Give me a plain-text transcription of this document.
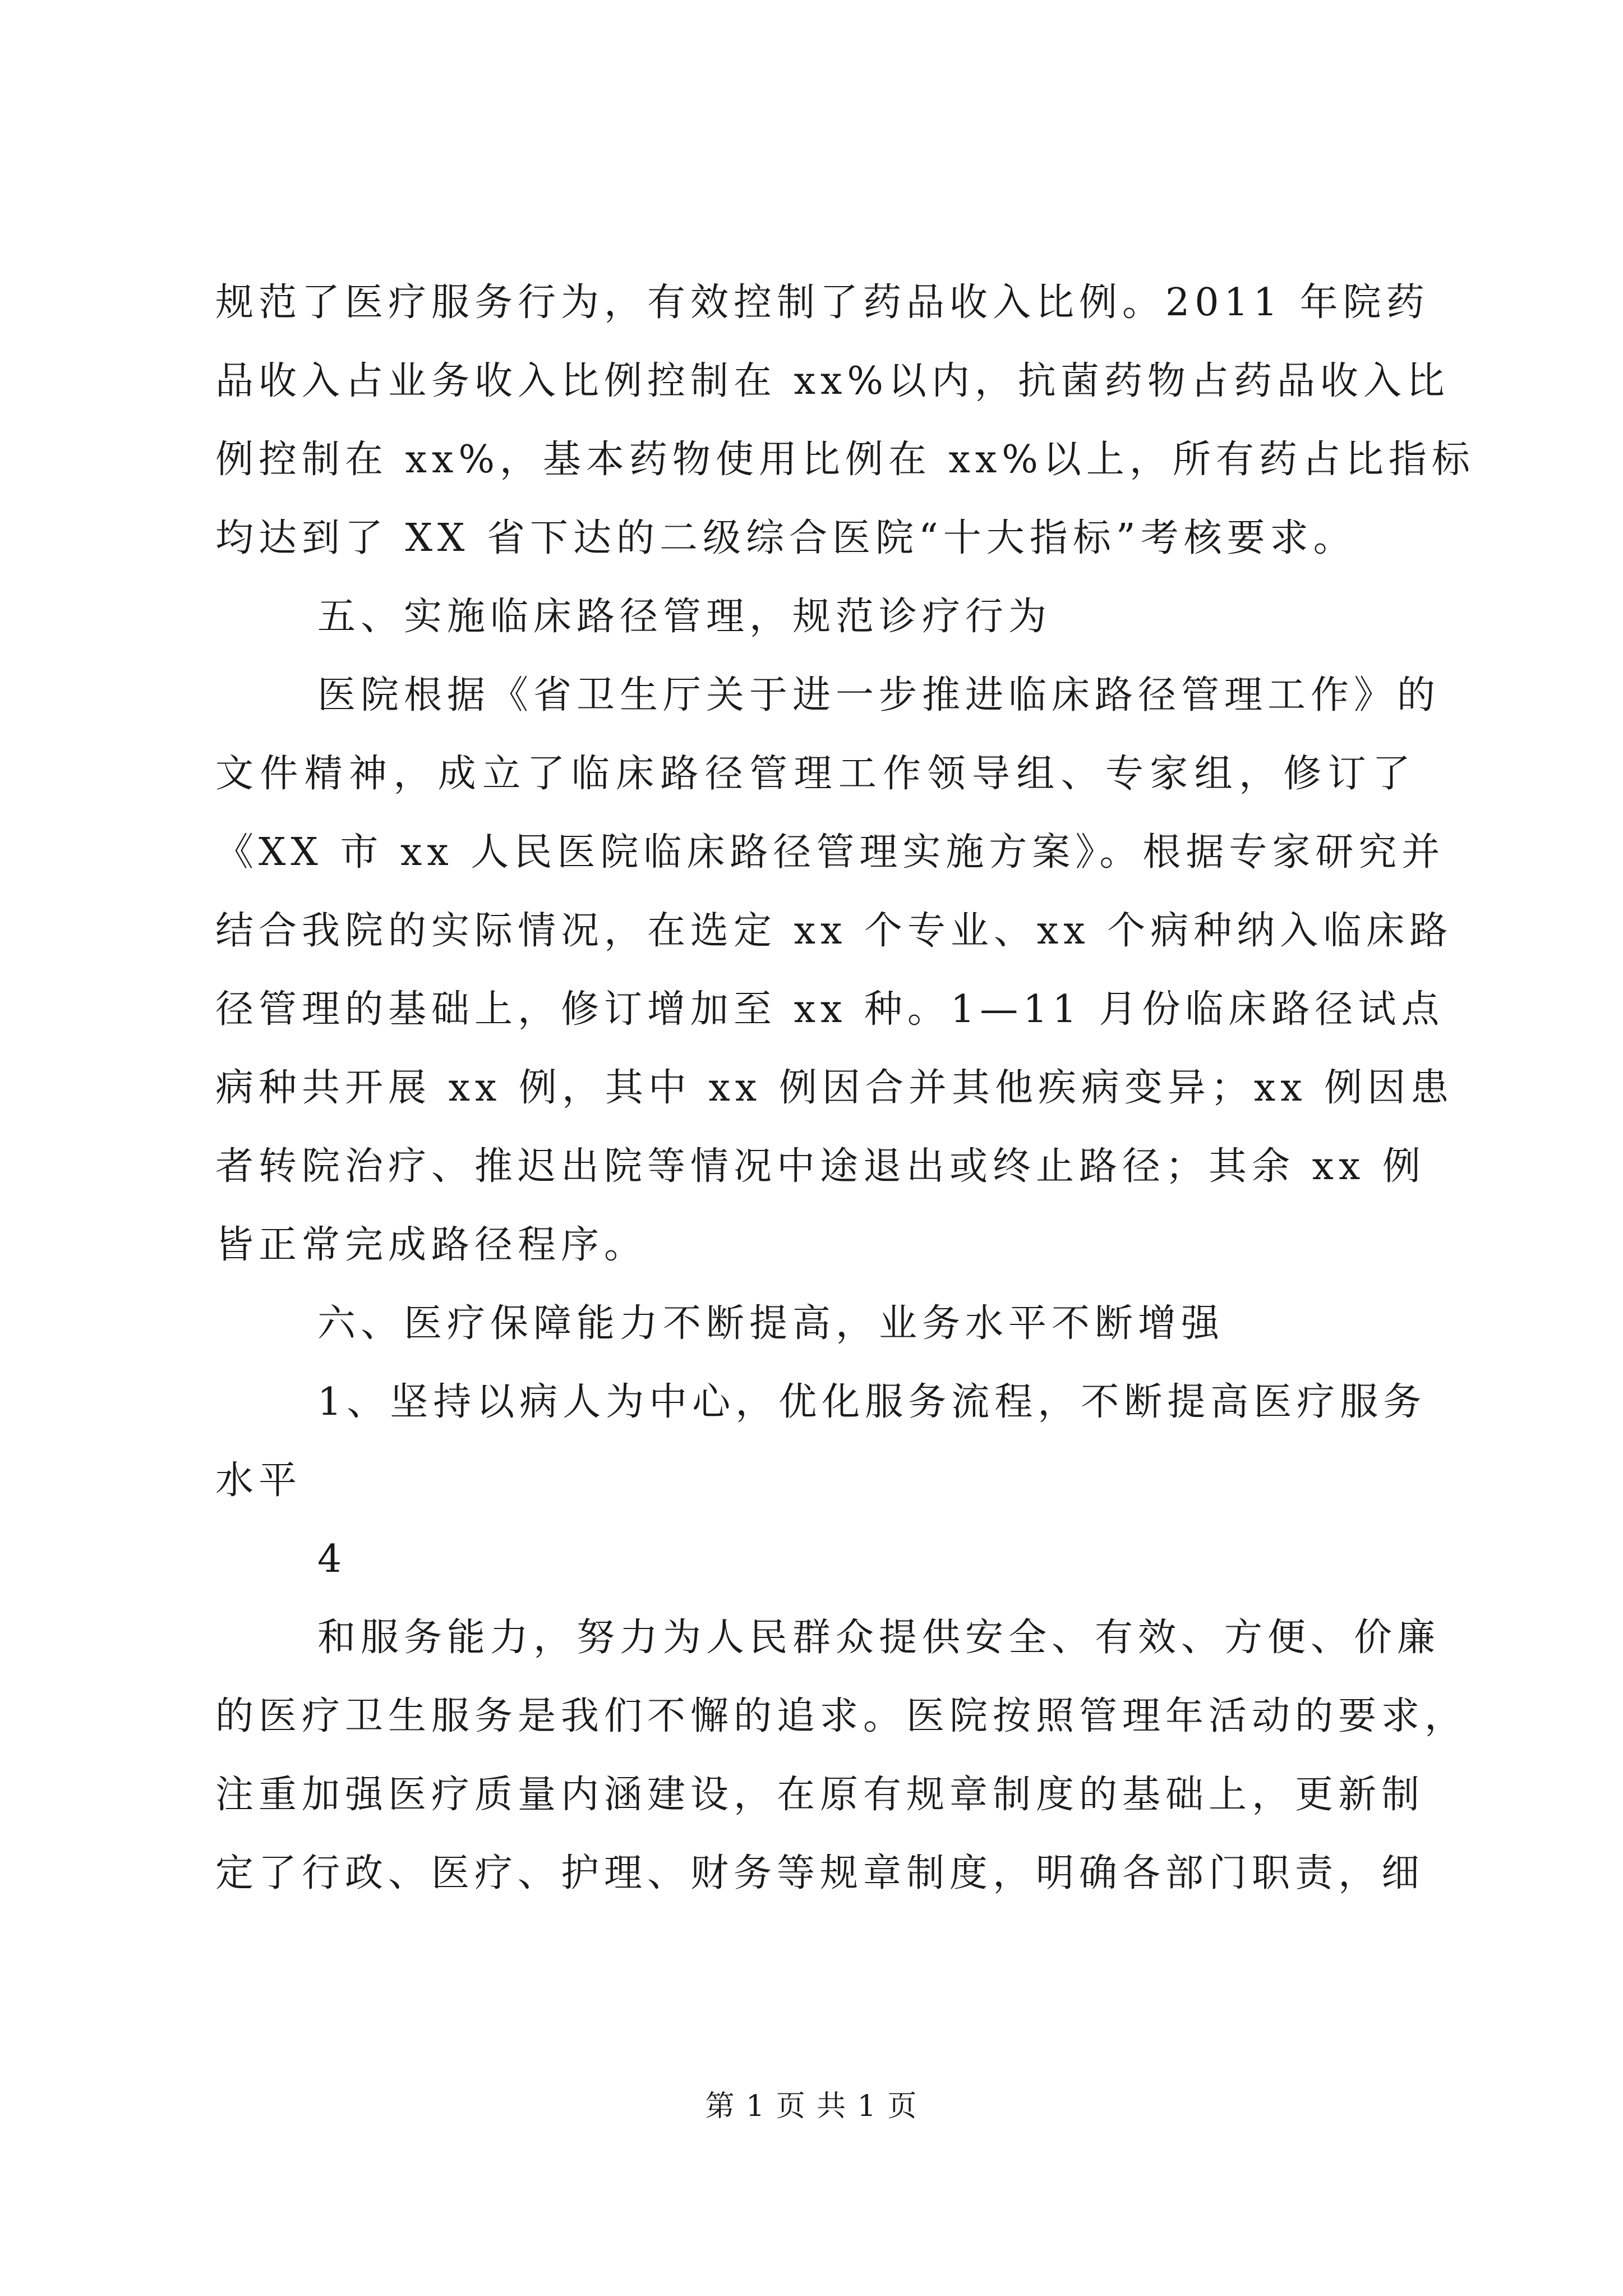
规范了医疗服务行为，有效控制了药品收入比例。2011 年院药
品收入占业务收入比例控制在 xx%以内，抗菌药物占药品收入比
例控制在 xx%，基本药物使用比例在 xx%以上，所有药占比指标
均达到了 XX 省下达的二级综合医院“十大指标”考核要求。
五、实施临床路径管理，规范诊疗行为
医院根据《省卫生厅关于进一步推进临床路径管理工作》的
文件精神，成立了临床路径管理工作领导组、专家组，修订了
《XX 市 xx 人民医院临床路径管理实施方案》。根据专家研究并
结合我院的实际情况，在选定 xx 个专业、xx 个病种纳入临床路
径管理的基础上，修订增加至 xx 种。1—11 月份临床路径试点
病种共开展 xx 例，其中 xx 例因合并其他疾病变异；xx 例因患
者转院治疗、推迟出院等情况中途退出或终止路径；其余 xx 例
皆正常完成路径程序。
六、医疗保障能力不断提高，业务水平不断增强
1、坚持以病人为中心，优化服务流程，不断提高医疗服务
水平
4
和服务能力，努力为人民群众提供安全、有效、方便、价廉
的医疗卫生服务是我们不懈的追求。医院按照管理年活动的要求，
注重加强医疗质量内涵建设，在原有规章制度的基础上，更新制
定了行政、医疗、护理、财务等规章制度，明确各部门职责，细
第 1 页 共 1 页
